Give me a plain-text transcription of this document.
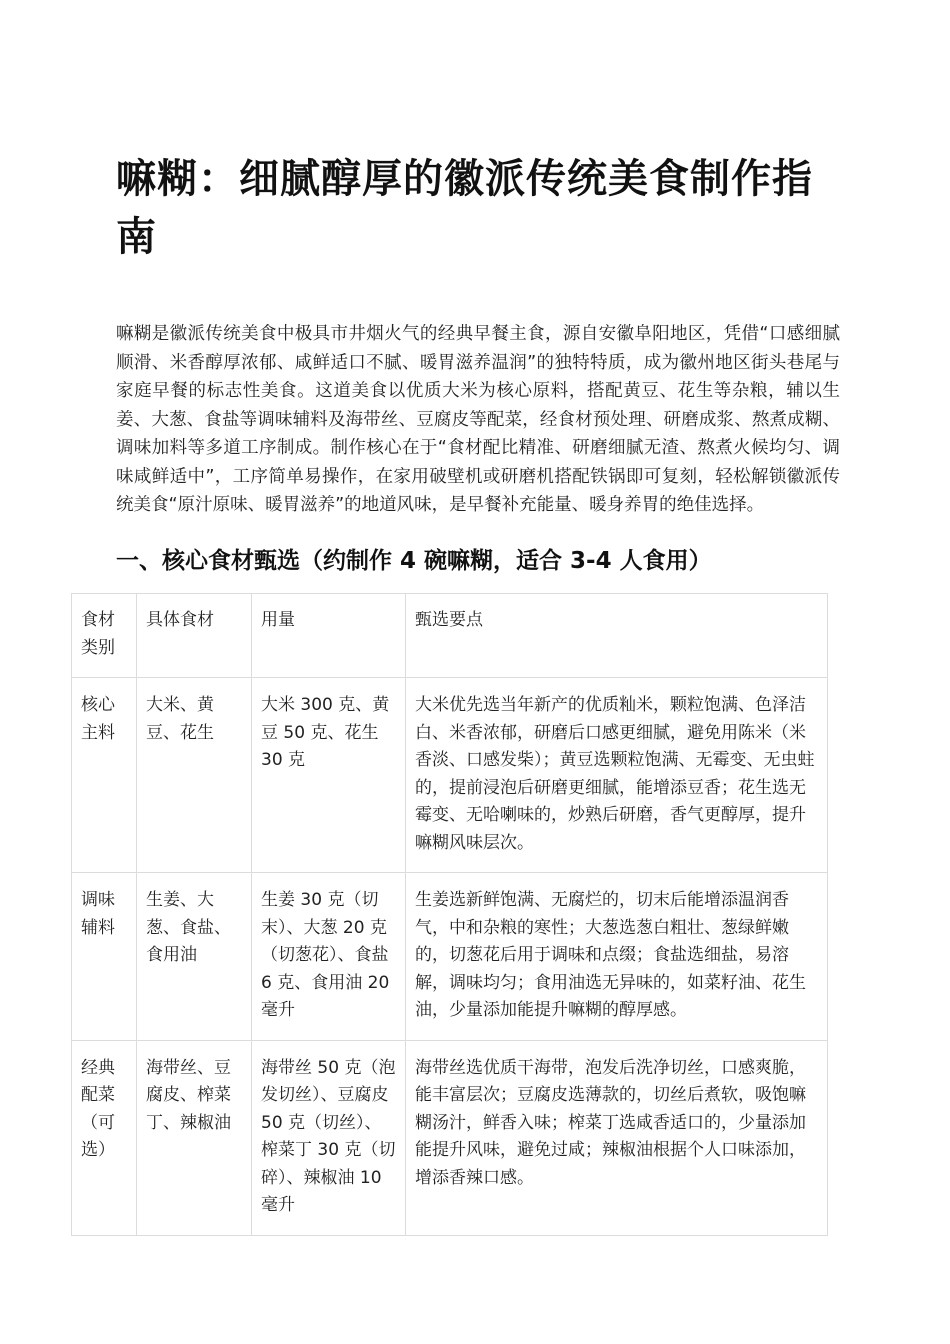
嘛糊：细腻醇厚的徽派传统美食制作指南

嘛糊是徽派传统美食中极具市井烟火气的经典早餐主食，源自安徽阜阳地区，凭借“口感细腻顺滑、米香醇厚浓郁、咸鲜适口不腻、暖胃滋养温润”的独特特质，成为徽州地区街头巷尾与家庭早餐的标志性美食。这道美食以优质大米为核心原料，搭配黄豆、花生等杂粮，辅以生姜、大葱、食盐等调味辅料及海带丝、豆腐皮等配菜，经食材预处理、研磨成浆、熬煮成糊、调味加料等多道工序制成。制作核心在于“食材配比精准、研磨细腻无渣、熬煮火候均匀、调味咸鲜适中”，工序简单易操作，在家用破壁机或研磨机搭配铁锅即可复刻，轻松解锁徽派传统美食“原汁原味、暖胃滋养”的地道风味，是早餐补充能量、暖身养胃的绝佳选择。

一、核心食材甄选（约制作 4 碗嘛糊，适合 3-4 人食用）
食材类别	具体食材	用量	甄选要点
核心主料	大米、黄豆、花生	大米 300 克、黄豆 50 克、花生 30 克	大米优先选当年新产的优质籼米，颗粒饱满、色泽洁白、米香浓郁，研磨后口感更细腻，避免用陈米（米香淡、口感发柴）；黄豆选颗粒饱满、无霉变、无虫蛀的，提前浸泡后研磨更细腻，能增添豆香；花生选无霉变、无哈喇味的，炒熟后研磨，香气更醇厚，提升嘛糊风味层次。
调味辅料	生姜、大葱、食盐、食用油	生姜 30 克（切末）、大葱 20 克（切葱花）、食盐 6 克、食用油 20 毫升	生姜选新鲜饱满、无腐烂的，切末后能增添温润香气，中和杂粮的寒性；大葱选葱白粗壮、葱绿鲜嫩的，切葱花后用于调味和点缀；食盐选细盐，易溶解，调味均匀；食用油选无异味的，如菜籽油、花生油，少量添加能提升嘛糊的醇厚感。
经典配菜（可选）	海带丝、豆腐皮、榨菜丁、辣椒油	海带丝 50 克（泡发切丝）、豆腐皮 50 克（切丝）、榨菜丁 30 克（切碎）、辣椒油 10 毫升	海带丝选优质干海带，泡发后洗净切丝，口感爽脆，能丰富层次；豆腐皮选薄款的，切丝后煮软，吸饱嘛糊汤汁，鲜香入味；榨菜丁选咸香适口的，少量添加能提升风味，避免过咸；辣椒油根据个人口味添加，增添香辣口感。
